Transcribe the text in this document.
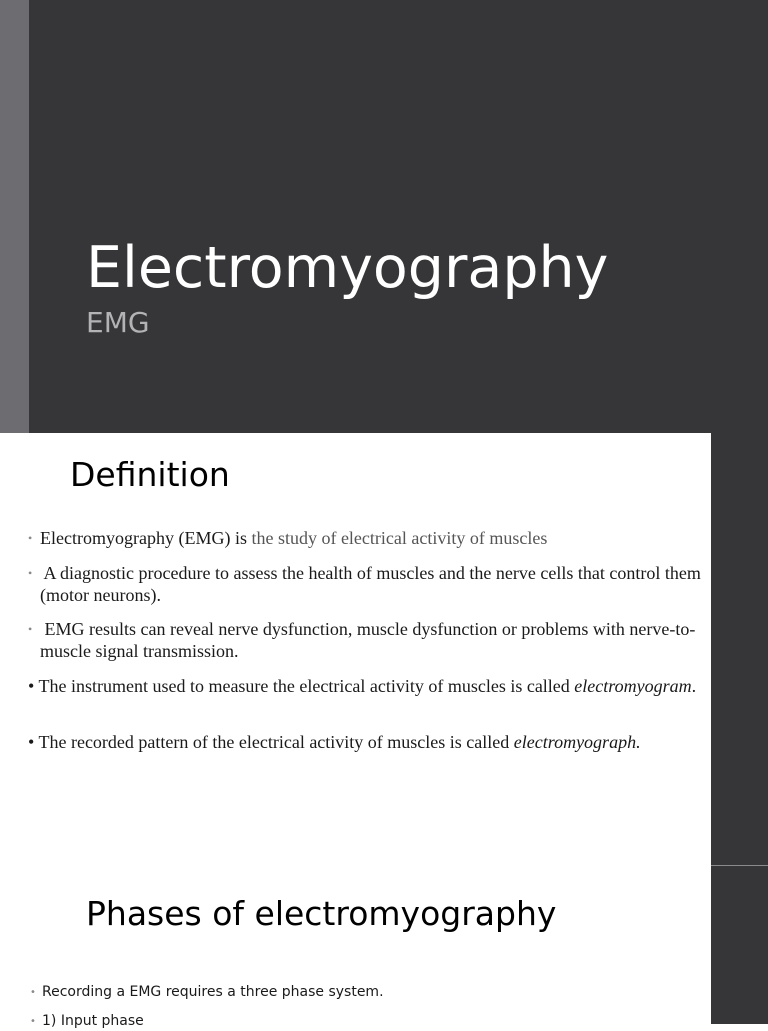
Electromyography
EMG
Definition
• Electromyography (EMG) is the study of electrical activity of muscles
• A diagnostic procedure to assess the health of muscles and the nerve cells that control them (motor neurons).
• EMG results can reveal nerve dysfunction, muscle dysfunction or problems with nerve-to-muscle signal transmission.
• The instrument used to measure the electrical activity of muscles is called electromyogram.
• The recorded pattern of the electrical activity of muscles is called electromyograph.
Phases of electromyography
• Recording a EMG requires a three phase system.
• 1) Input phase
